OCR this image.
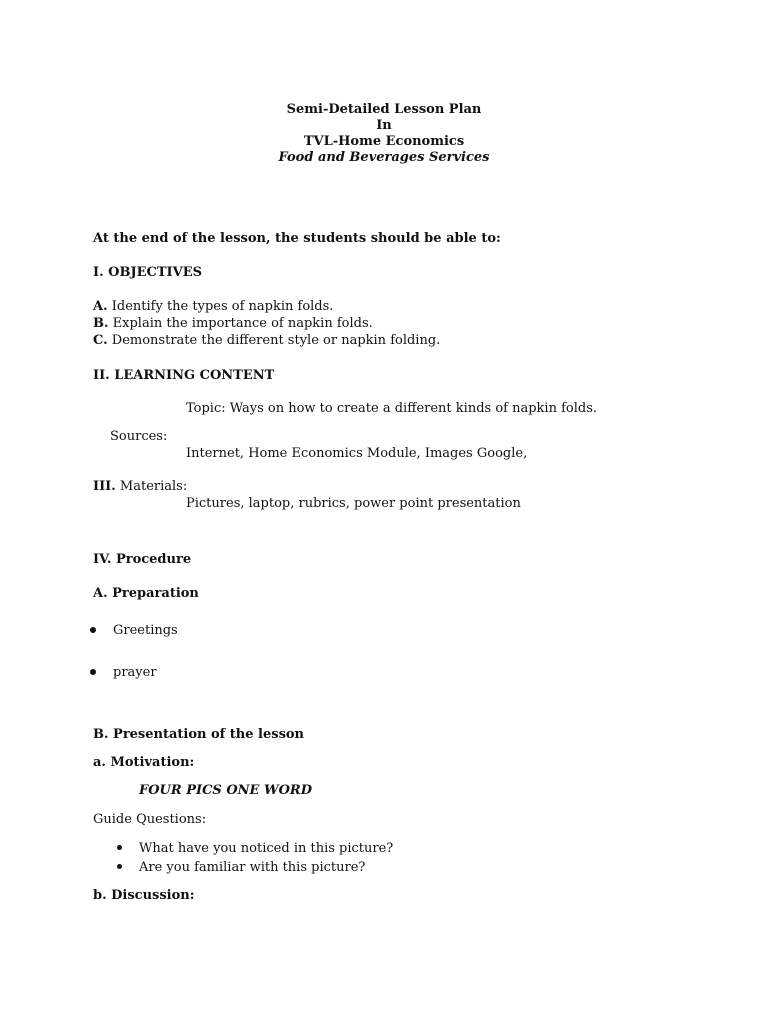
Semi-Detailed Lesson Plan
In
TVL-Home Economics
Food and Beverages Services
At the end of the lesson, the students should be able to:
I. OBJECTIVES
A. Identify the types of napkin folds.
B. Explain the importance of napkin folds.
C. Demonstrate the different style or napkin folding.
II. LEARNING CONTENT
Topic: Ways on how to create a different kinds of napkin folds.
Sources:
Internet, Home Economics Module, Images Google,
III. Materials:
Pictures, laptop, rubrics, power point presentation
IV. Procedure
A. Preparation
Greetings
prayer
B. Presentation of the lesson
a. Motivation:
FOUR PICS ONE WORD
Guide Questions:
What have you noticed in this picture?
Are you familiar with this picture?
b. Discussion:
